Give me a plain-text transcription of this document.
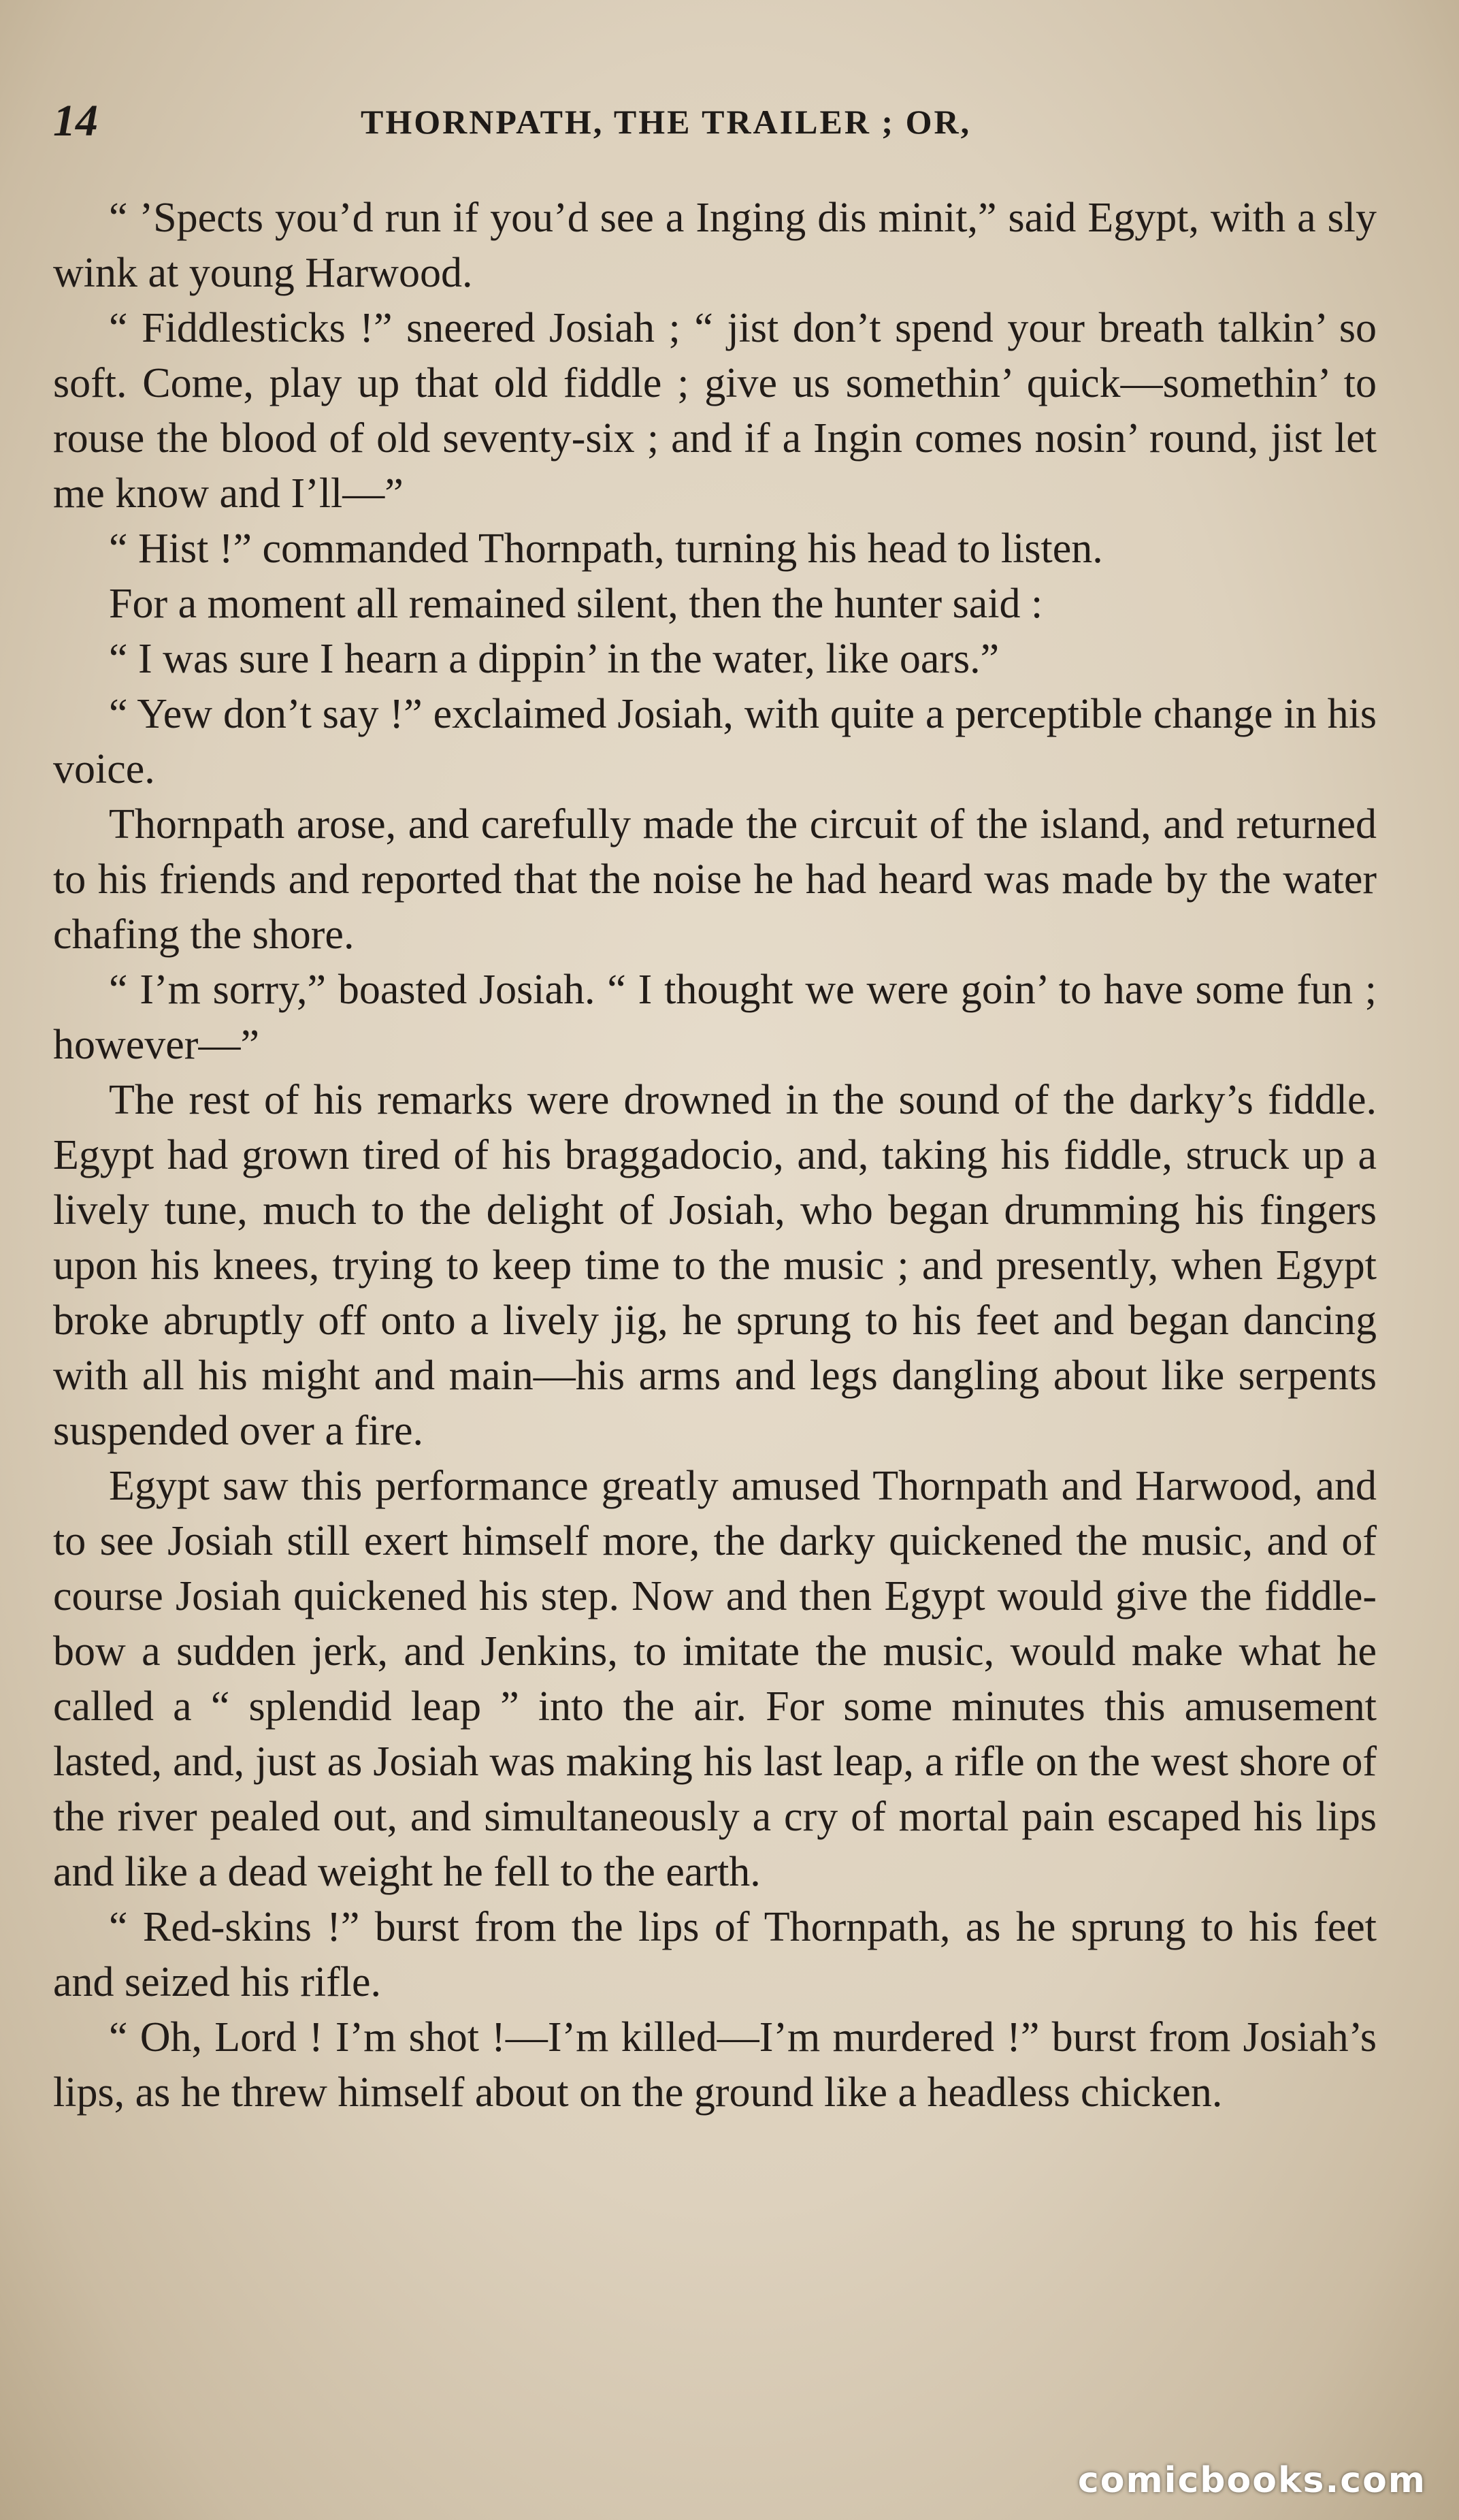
14	THORNPATH, THE TRAILER ; OR,

“ ’Spects you’d run if you’d see a Inging dis minit,” said Egypt, with a sly wink at young Harwood.

“ Fiddlesticks !” sneered Josiah ; “ jist don’t spend your breath talkin’ so soft. Come, play up that old fiddle ; give us somethin’ quick—somethin’ to rouse the blood of old seventy-six ; and if a Ingin comes nosin’ round, jist let me know and I’ll—”

“ Hist !” commanded Thornpath, turning his head to listen.

For a moment all remained silent, then the hunter said :

“ I was sure I hearn a dippin’ in the water, like oars.”

“ Yew don’t say !” exclaimed Josiah, with quite a perceptible change in his voice.

Thornpath arose, and carefully made the circuit of the island, and returned to his friends and reported that the noise he had heard was made by the water chafing the shore.

“ I’m sorry,” boasted Josiah. “ I thought we were goin’ to have some fun ; however—”

The rest of his remarks were drowned in the sound of the darky’s fiddle. Egypt had grown tired of his braggadocio, and, taking his fiddle, struck up a lively tune, much to the delight of Josiah, who began drumming his fingers upon his knees, trying to keep time to the music ; and presently, when Egypt broke abruptly off onto a lively jig, he sprung to his feet and began dancing with all his might and main—his arms and legs dangling about like serpents suspended over a fire.

Egypt saw this performance greatly amused Thornpath and Harwood, and to see Josiah still exert himself more, the darky quickened the music, and of course Josiah quickened his step. Now and then Egypt would give the fiddle-bow a sudden jerk, and Jenkins, to imitate the music, would make what he called a “ splendid leap ” into the air. For some minutes this amusement lasted, and, just as Josiah was making his last leap, a rifle on the west shore of the river pealed out, and simultaneously a cry of mortal pain escaped his lips and like a dead weight he fell to the earth.

“ Red-skins !” burst from the lips of Thornpath, as he sprung to his feet and seized his rifle.

“ Oh, Lord ! I’m shot !—I’m killed—I’m murdered !” burst from Josiah’s lips, as he threw himself about on the ground like a headless chicken.

comicbooks.com
